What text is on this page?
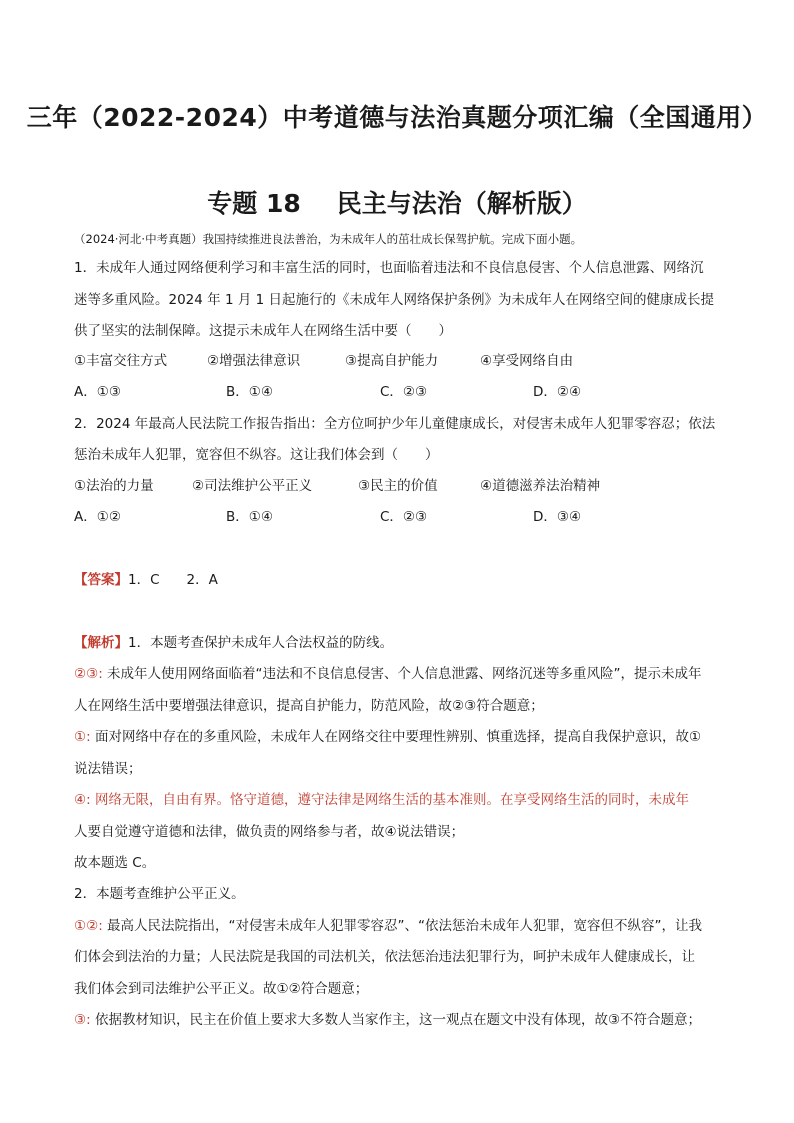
三年（2022-2024）中考道德与法治真题分项汇编（全国通用）
专题 18 民主与法治（解析版）
（2024·河北·中考真题）我国持续推进良法善治，为未成年人的茁壮成长保驾护航。完成下面小题。
1．未成年人通过网络便利学习和丰富生活的同时，也面临着违法和不良信息侵害、个人信息泄露、网络沉
迷等多重风险。2024 年 1 月 1 日起施行的《未成年人网络保护条例》为未成年人在网络空间的健康成长提
供了坚实的法制保障。这提示未成年人在网络生活中要（　　）
①丰富交往方式	②增强法律意识	③提高自护能力	④享受网络自由
A．①③	B．①④	C．②③	D．②④
2．2024 年最高人民法院工作报告指出：全方位呵护少年儿童健康成长，对侵害未成年人犯罪零容忍；依法
惩治未成年人犯罪，宽容但不纵容。这让我们体会到（　　）
①法治的力量	②司法维护公平正义	③民主的价值	④道德滋养法治精神
A．①②	B．①④	C．②③	D．③④
【答案】1．C　　2．A
【解析】1．本题考查保护未成年人合法权益的防线。
②③: 未成年人使用网络面临着“违法和不良信息侵害、个人信息泄露、网络沉迷等多重风险”，提示未成年
人在网络生活中要增强法律意识，提高自护能力，防范风险，故②③符合题意；
①: 面对网络中存在的多重风险，未成年人在网络交往中要理性辨别、慎重选择，提高自我保护意识，故①
说法错误；
④: 网络无限，自由有界。恪守道德，遵守法律是网络生活的基本准则。在享受网络生活的同时，未成年
人要自觉遵守道德和法律，做负责的网络参与者，故④说法错误；
故本题选 C。
2．本题考查维护公平正义。
①②: 最高人民法院指出，“对侵害未成年人犯罪零容忍”、“依法惩治未成年人犯罪，宽容但不纵容”，让我
们体会到法治的力量；人民法院是我国的司法机关，依法惩治违法犯罪行为，呵护未成年人健康成长，让
我们体会到司法维护公平正义。故①②符合题意；
③: 依据教材知识，民主在价值上要求大多数人当家作主，这一观点在题文中没有体现，故③不符合题意；
